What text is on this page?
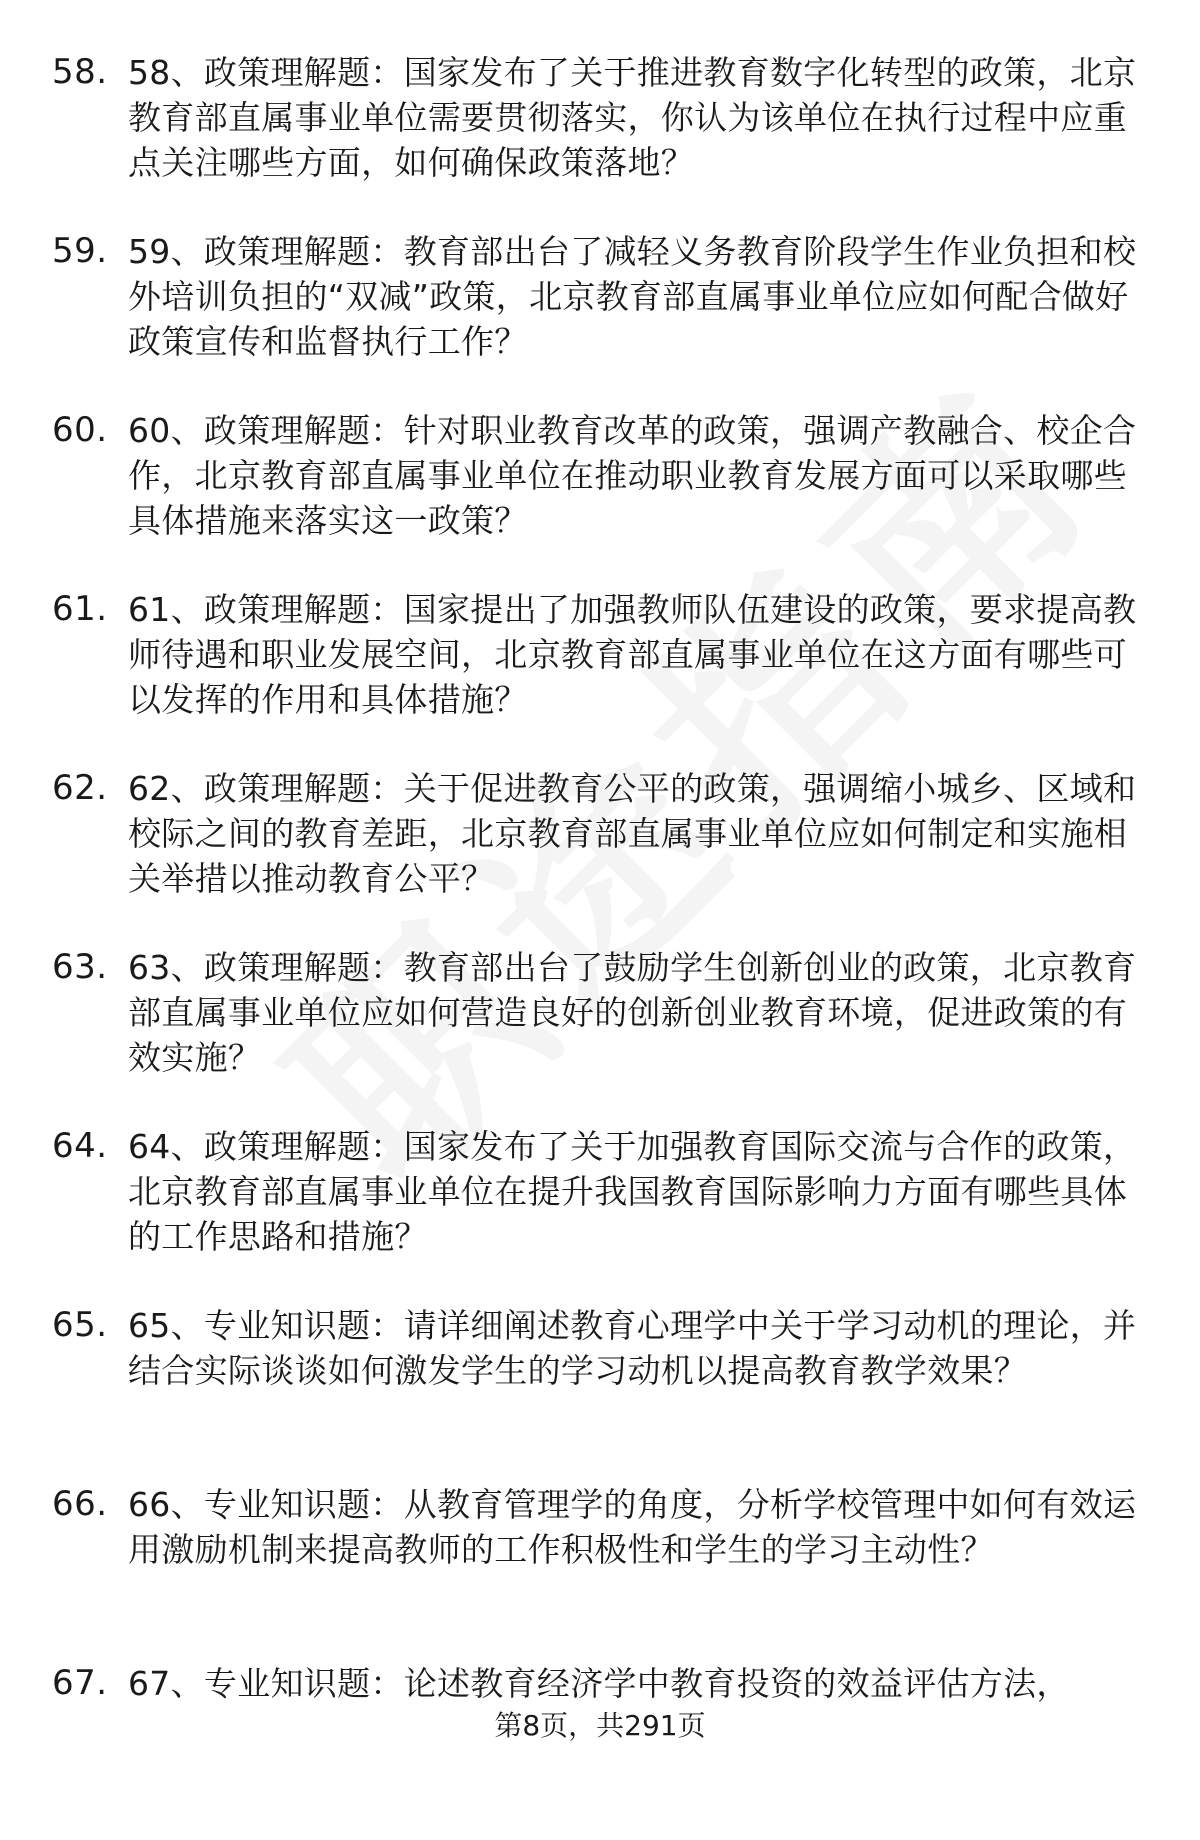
58. 58、政策理解题：国家发布了关于推进教育数字化转型的政策，北京教育部直属事业单位需要贯彻落实，你认为该单位在执行过程中应重点关注哪些方面，如何确保政策落地？
59. 59、政策理解题：教育部出台了减轻义务教育阶段学生作业负担和校外培训负担的“双减”政策，北京教育部直属事业单位应如何配合做好政策宣传和监督执行工作？
60. 60、政策理解题：针对职业教育改革的政策，强调产教融合、校企合作，北京教育部直属事业单位在推动职业教育发展方面可以采取哪些具体措施来落实这一政策？
61. 61、政策理解题：国家提出了加强教师队伍建设的政策，要求提高教师待遇和职业发展空间，北京教育部直属事业单位在这方面有哪些可以发挥的作用和具体措施？
62. 62、政策理解题：关于促进教育公平的政策，强调缩小城乡、区域和校际之间的教育差距，北京教育部直属事业单位应如何制定和实施相关举措以推动教育公平？
63. 63、政策理解题：教育部出台了鼓励学生创新创业的政策，北京教育部直属事业单位应如何营造良好的创新创业教育环境，促进政策的有效实施？
64. 64、政策理解题：国家发布了关于加强教育国际交流与合作的政策，北京教育部直属事业单位在提升我国教育国际影响力方面有哪些具体的工作思路和措施？
65. 65、专业知识题：请详细阐述教育心理学中关于学习动机的理论，并结合实际谈谈如何激发学生的学习动机以提高教育教学效果？
66. 66、专业知识题：从教育管理学的角度，分析学校管理中如何有效运用激励机制来提高教师的工作积极性和学生的学习主动性？
67. 67、专业知识题：论述教育经济学中教育投资的效益评估方法，
第8页，共291页
